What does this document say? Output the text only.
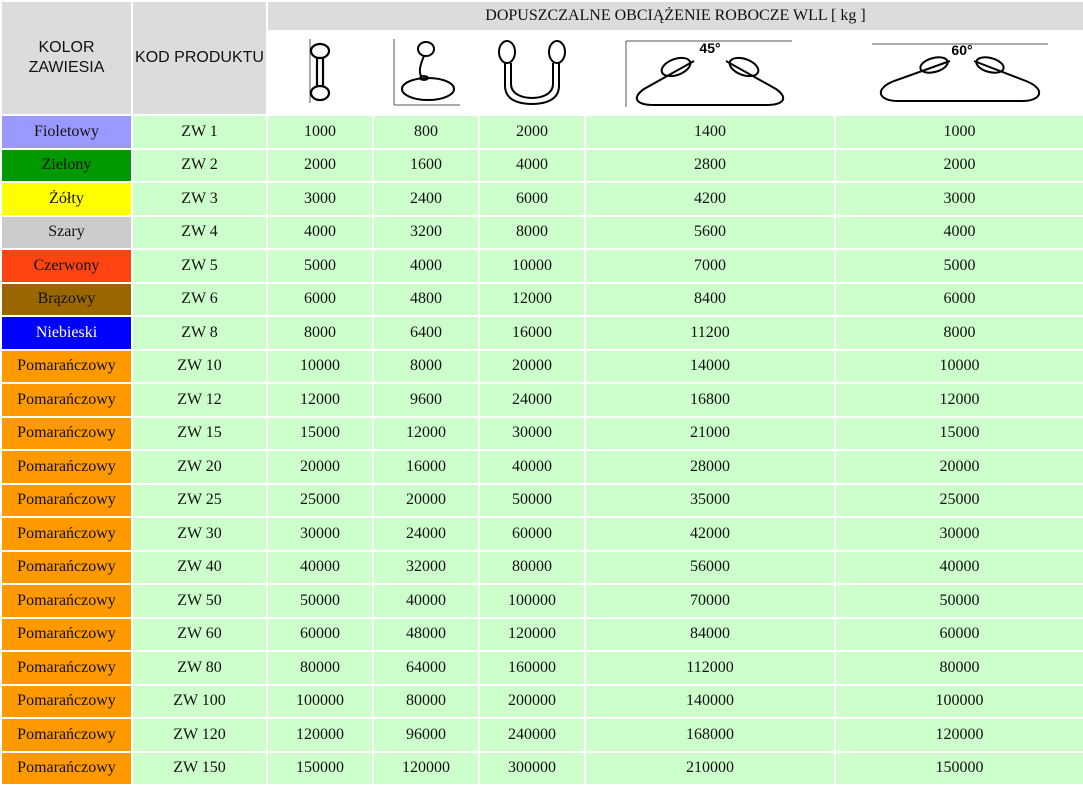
KOLOR ZAWIESIA	KOD PRODUKTU	DOPUSZCZALNE OBCIĄŻENIE ROBOCZE WLL [ kg ]				

45°	60°

Fioletowy	ZW 1	1000	800	2000	1400	1000
Zielony	ZW 2	2000	1600	4000	2800	2000
Żółty	ZW 3	3000	2400	6000	4200	3000
Szary	ZW 4	4000	3200	8000	5600	4000
Czerwony	ZW 5	5000	4000	10000	7000	5000
Brązowy	ZW 6	6000	4800	12000	8400	6000
Niebieski	ZW 8	8000	6400	16000	11200	8000
Pomarańczowy	ZW 10	10000	8000	20000	14000	10000
Pomarańczowy	ZW 12	12000	9600	24000	16800	12000
Pomarańczowy	ZW 15	15000	12000	30000	21000	15000
Pomarańczowy	ZW 20	20000	16000	40000	28000	20000
Pomarańczowy	ZW 25	25000	20000	50000	35000	25000
Pomarańczowy	ZW 30	30000	24000	60000	42000	30000
Pomarańczowy	ZW 40	40000	32000	80000	56000	40000
Pomarańczowy	ZW 50	50000	40000	100000	70000	50000
Pomarańczowy	ZW 60	60000	48000	120000	84000	60000
Pomarańczowy	ZW 80	80000	64000	160000	112000	80000
Pomarańczowy	ZW 100	100000	80000	200000	140000	100000
Pomarańczowy	ZW 120	120000	96000	240000	168000	120000
Pomarańczowy	ZW 150	150000	120000	300000	210000	150000
